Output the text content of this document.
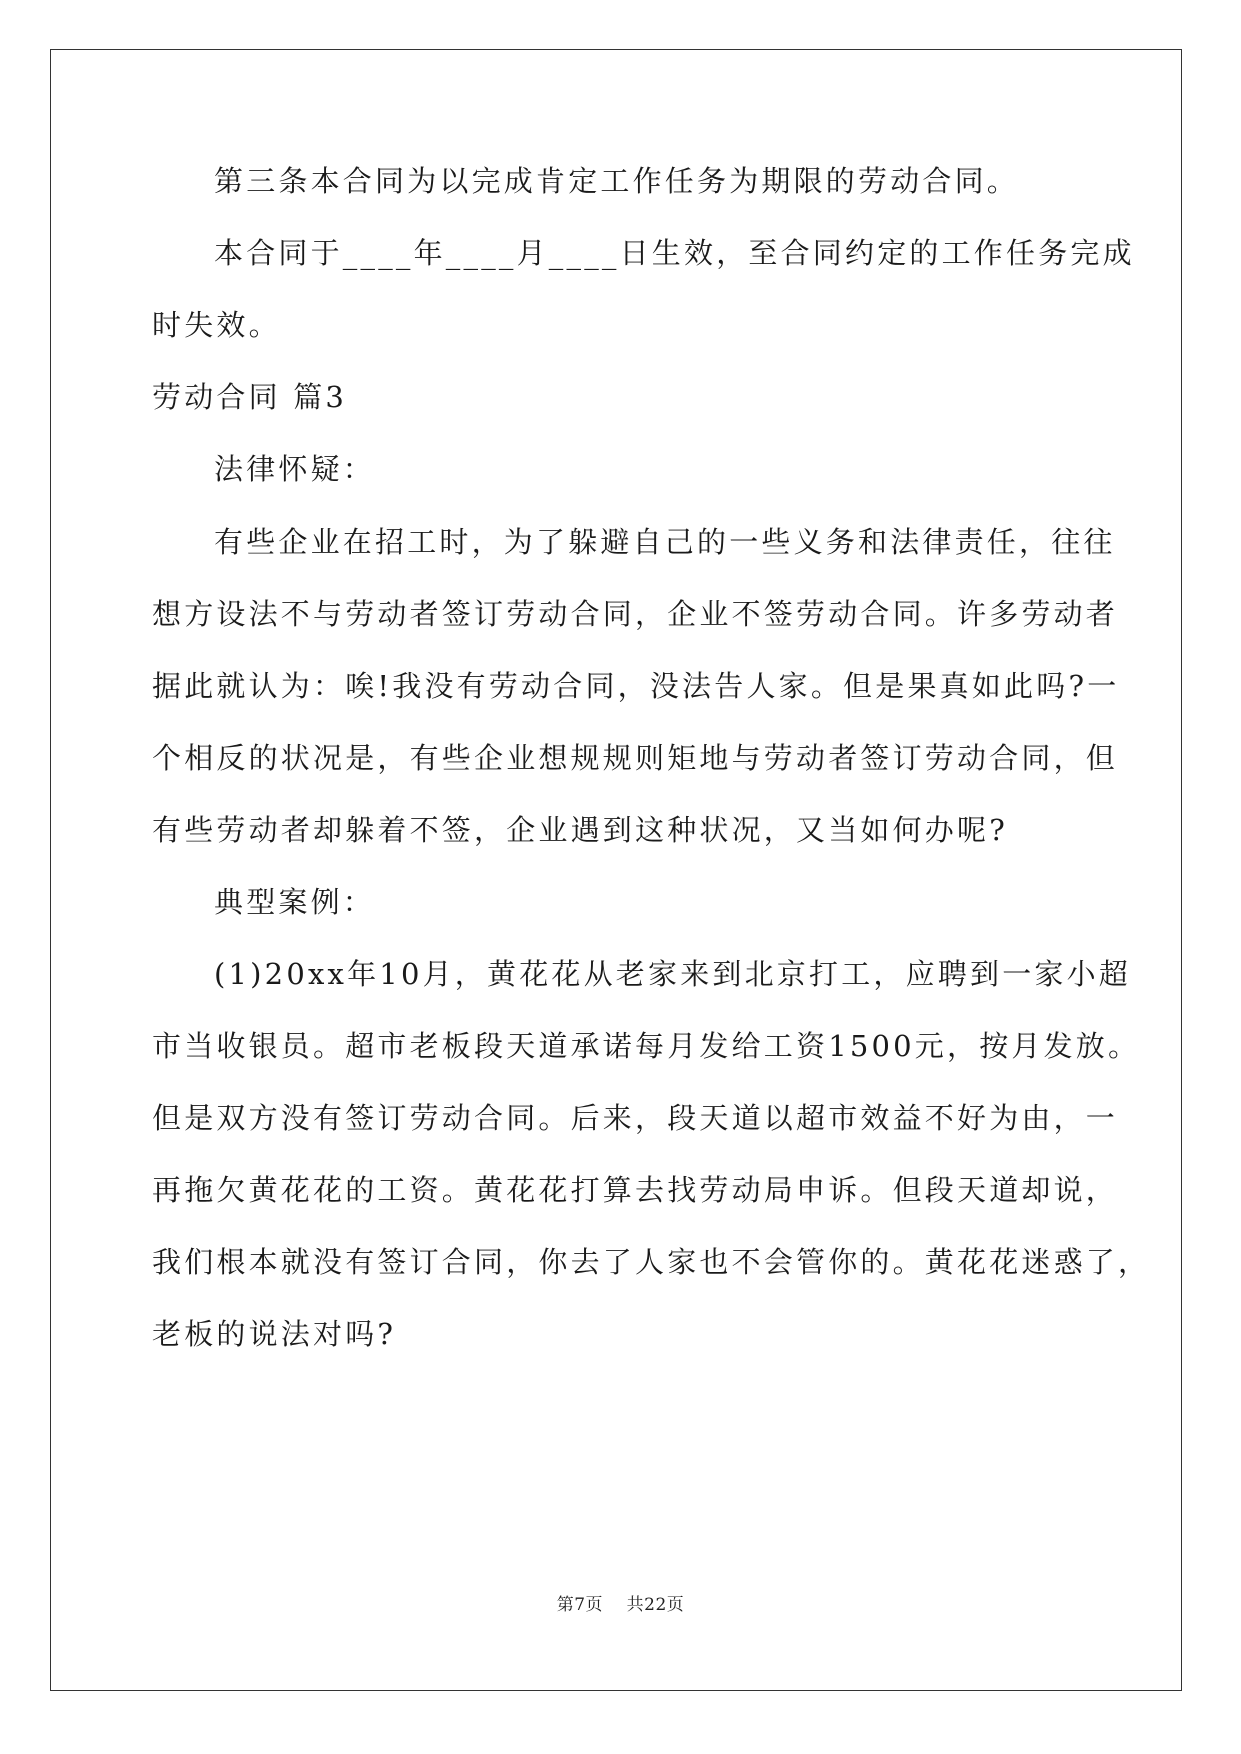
第三条本合同为以完成肯定工作任务为期限的劳动合同。
本合同于____年____月____日生效，至合同约定的工作任务完成
时失效。
劳动合同 篇3
法律怀疑：
有些企业在招工时，为了躲避自己的一些义务和法律责任，往往
想方设法不与劳动者签订劳动合同，企业不签劳动合同。许多劳动者
据此就认为：唉!我没有劳动合同，没法告人家。但是果真如此吗?一
个相反的状况是，有些企业想规规则矩地与劳动者签订劳动合同，但
有些劳动者却躲着不签，企业遇到这种状况，又当如何办呢?
典型案例：
(1)20xx年10月，黄花花从老家来到北京打工，应聘到一家小超
市当收银员。超市老板段天道承诺每月发给工资1500元，按月发放。
但是双方没有签订劳动合同。后来，段天道以超市效益不好为由，一
再拖欠黄花花的工资。黄花花打算去找劳动局申诉。但段天道却说，
我们根本就没有签订合同，你去了人家也不会管你的。黄花花迷惑了，
老板的说法对吗?
第7页 共22页
